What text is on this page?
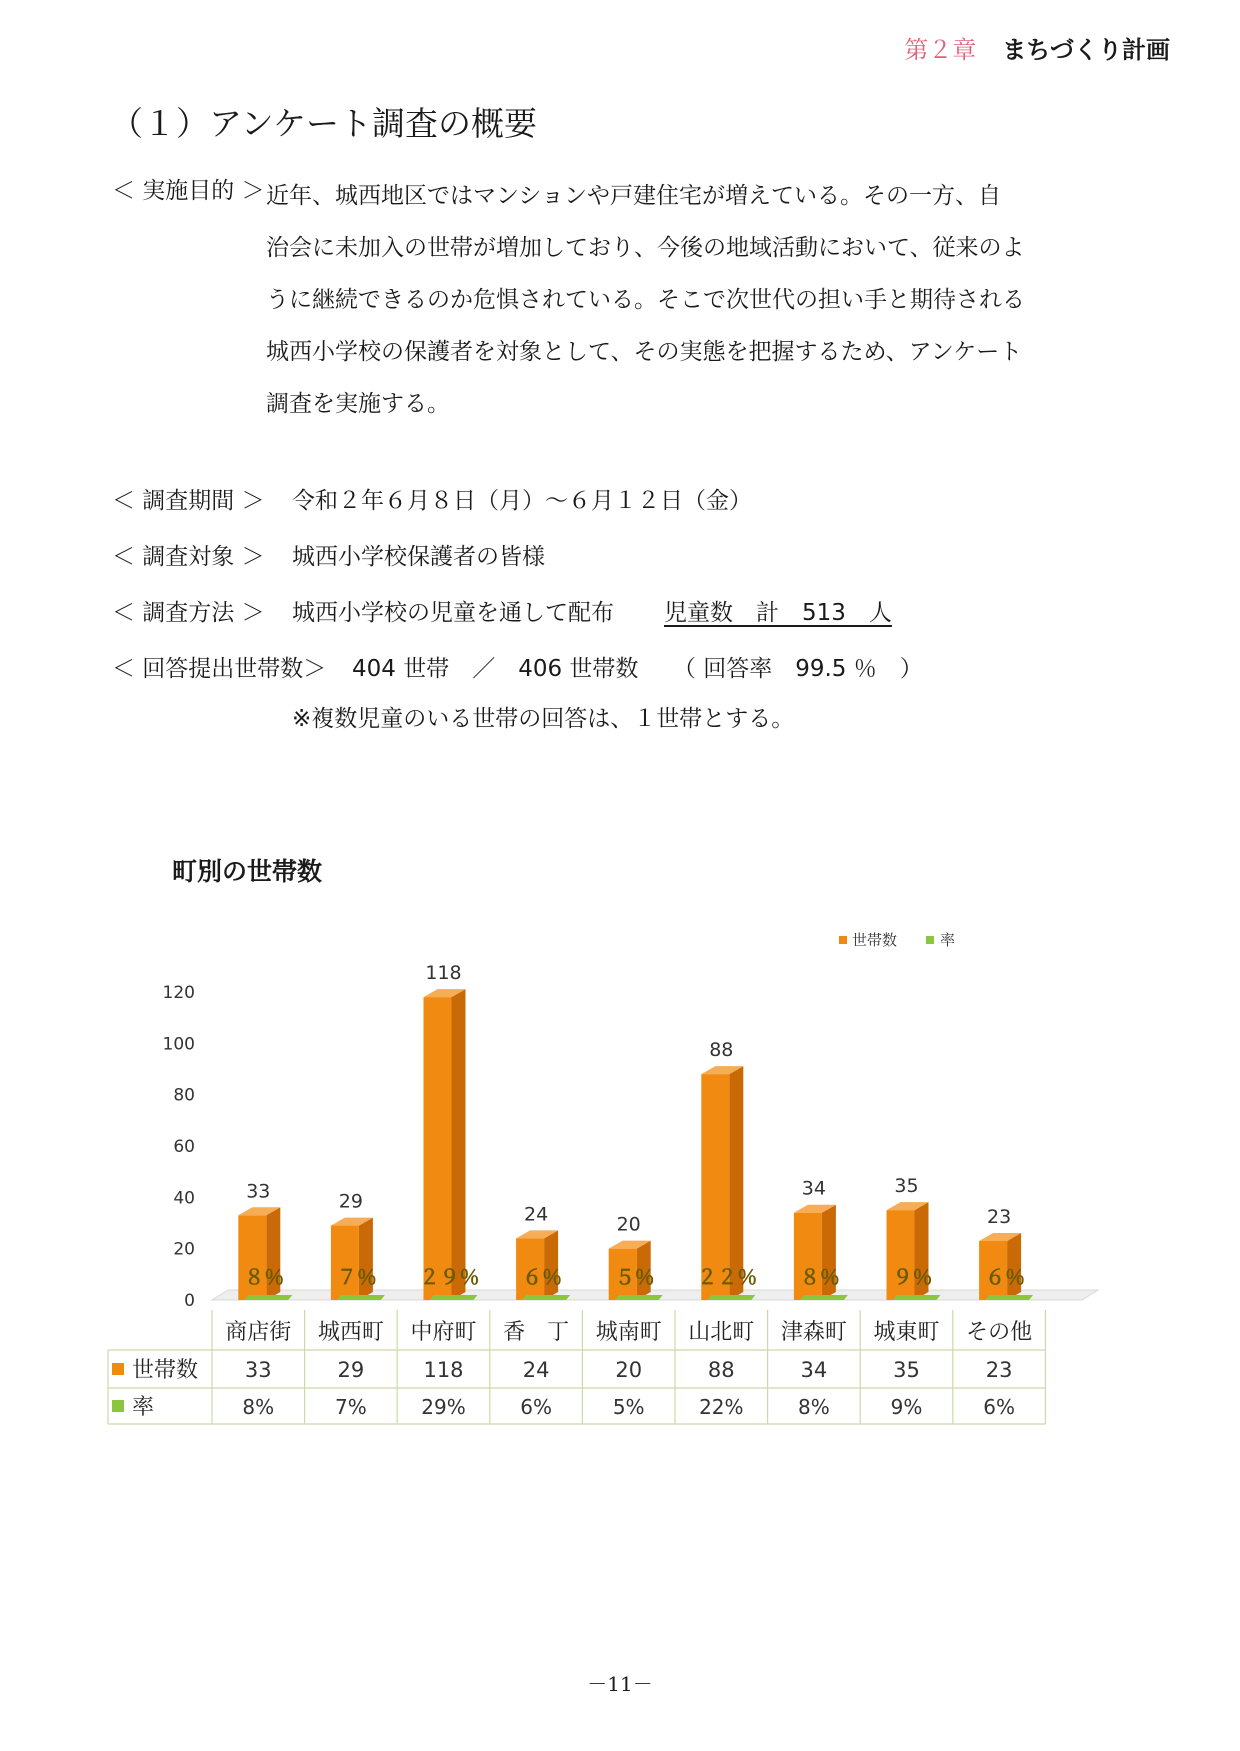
第２章 まちづくり計画
（１）アンケート調査の概要
＜ 実施目的 ＞ 近年、城西地区ではマンションや戸建住宅が増えている。その一方、自
治会に未加入の世帯が増加しており、今後の地域活動において、従来のよ
うに継続できるのか危惧されている。そこで次世代の担い手と期待される
城西小学校の保護者を対象として、その実態を把握するため、アンケート
調査を実施する。
＜ 調査期間 ＞ 令和２年６月８日（月）～６月１２日（金）
＜ 調査対象 ＞ 城西小学校保護者の皆様
＜ 調査方法 ＞ 城西小学校の児童を通して配布 児童数　計　513　人
＜ 回答提出世帯数＞ 404 世帯　／　406 世帯数　　（ 回答率　99.5 ％　）
※複数児童のいる世帯の回答は、１世帯とする。
町別の世帯数
0
20
40
60
80
100
120
33
８％
29
７％
118
２９％
24
６％
20
５％
88
２２％
34
８％
35
９％
23
６％
世帯数	率
商店街
33
8%
城西町
29
7%
中府町
118
29%
香　丁
24
6%
城南町
20
5%
山北町
88
22%
津森町
34
8%
城東町
35
9%
その他
23
6%
世帯数
率
－11－
